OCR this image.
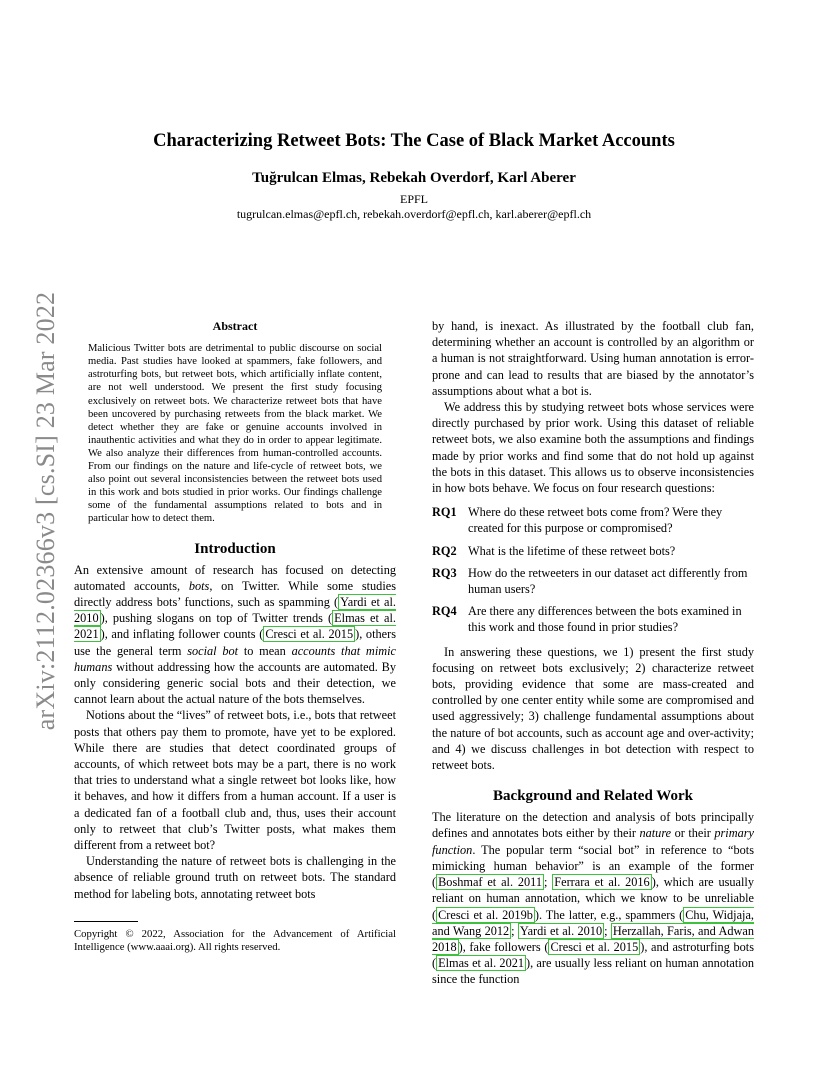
arXiv:2112.02366v3 [cs.SI] 23 Mar 2022
Characterizing Retweet Bots: The Case of Black Market Accounts
Tuğrulcan Elmas, Rebekah Overdorf, Karl Aberer
EPFL
tugrulcan.elmas@epfl.ch, rebekah.overdorf@epfl.ch, karl.aberer@epfl.ch
Abstract

Malicious Twitter bots are detrimental to public discourse on social media. Past studies have looked at spammers, fake followers, and astroturfing bots, but retweet bots, which artificially inflate content, are not well understood. We present the first study focusing exclusively on retweet bots. We characterize retweet bots that have been uncovered by purchasing retweets from the black market. We detect whether they are fake or genuine accounts involved in inauthentic activities and what they do in order to appear legitimate. We also analyze their differences from human-controlled accounts. From our findings on the nature and life-cycle of retweet bots, we also point out several inconsistencies between the retweet bots used in this work and bots studied in prior works. Our findings challenge some of the fundamental assumptions related to bots and in particular how to detect them.

Introduction

An extensive amount of research has focused on detecting automated accounts, bots, on Twitter. While some studies directly address bots’ functions, such as spamming ( Yardi et al. 2010 ), pushing slogans on top of Twitter trends ( Elmas et al. 2021 ), and inflating follower counts ( Cresci et al. 2015 ), others use the general term social bot to mean accounts that mimic humans without addressing how the accounts are automated. By only considering generic social bots and their detection, we cannot learn about the actual nature of the bots themselves.

Notions about the “lives” of retweet bots, i.e., bots that retweet posts that others pay them to promote, have yet to be explored. While there are studies that detect coordinated groups of accounts, of which retweet bots may be a part, there is no work that tries to understand what a single retweet bot looks like, how it behaves, and how it differs from a human account. If a user is a dedicated fan of a football club and, thus, uses their account only to retweet that club’s Twitter posts, what makes them different from a retweet bot?

Understanding the nature of retweet bots is challenging in the absence of reliable ground truth on retweet bots. The standard method for labeling bots, annotating retweet bots

Copyright © 2022, Association for the Advancement of Artificial Intelligence (www.aaai.org). All rights reserved.

by hand, is inexact. As illustrated by the football club fan, determining whether an account is controlled by an algorithm or a human is not straightforward. Using human annotation is error-prone and can lead to results that are biased by the annotator’s assumptions about what a bot is.

We address this by studying retweet bots whose services were directly purchased by prior work. Using this dataset of reliable retweet bots, we also examine both the assumptions and findings made by prior works and find some that do not hold up against the bots in this dataset. This allows us to observe inconsistencies in how bots behave. We focus on four research questions:

RQ1 Where do these retweet bots come from? Were they created for this purpose or compromised?
RQ2 What is the lifetime of these retweet bots?
RQ3 How do the retweeters in our dataset act differently from human users?
RQ4 Are there any differences between the bots examined in this work and those found in prior studies?

In answering these questions, we 1) present the first study focusing on retweet bots exclusively; 2) characterize retweet bots, providing evidence that some are mass-created and controlled by one center entity while some are compromised and used aggressively; 3) challenge fundamental assumptions about the nature of bot accounts, such as account age and over-activity; and 4) we discuss challenges in bot detection with respect to retweet bots.

Background and Related Work

The literature on the detection and analysis of bots principally defines and annotates bots either by their nature or their primary function. The popular term “social bot” in reference to “bots mimicking human behavior” is an example of the former ( Boshmaf et al. 2011 ; Ferrara et al. 2016 ), which are usually reliant on human annotation, which we know to be unreliable ( Cresci et al. 2019b ). The latter, e.g., spammers ( Chu, Widjaja, and Wang 2012 ; Yardi et al. 2010 ; Herzallah, Faris, and Adwan 2018 ), fake followers ( Cresci et al. 2015 ), and astroturfing bots ( Elmas et al. 2021 ), are usually less reliant on human annotation since the function
